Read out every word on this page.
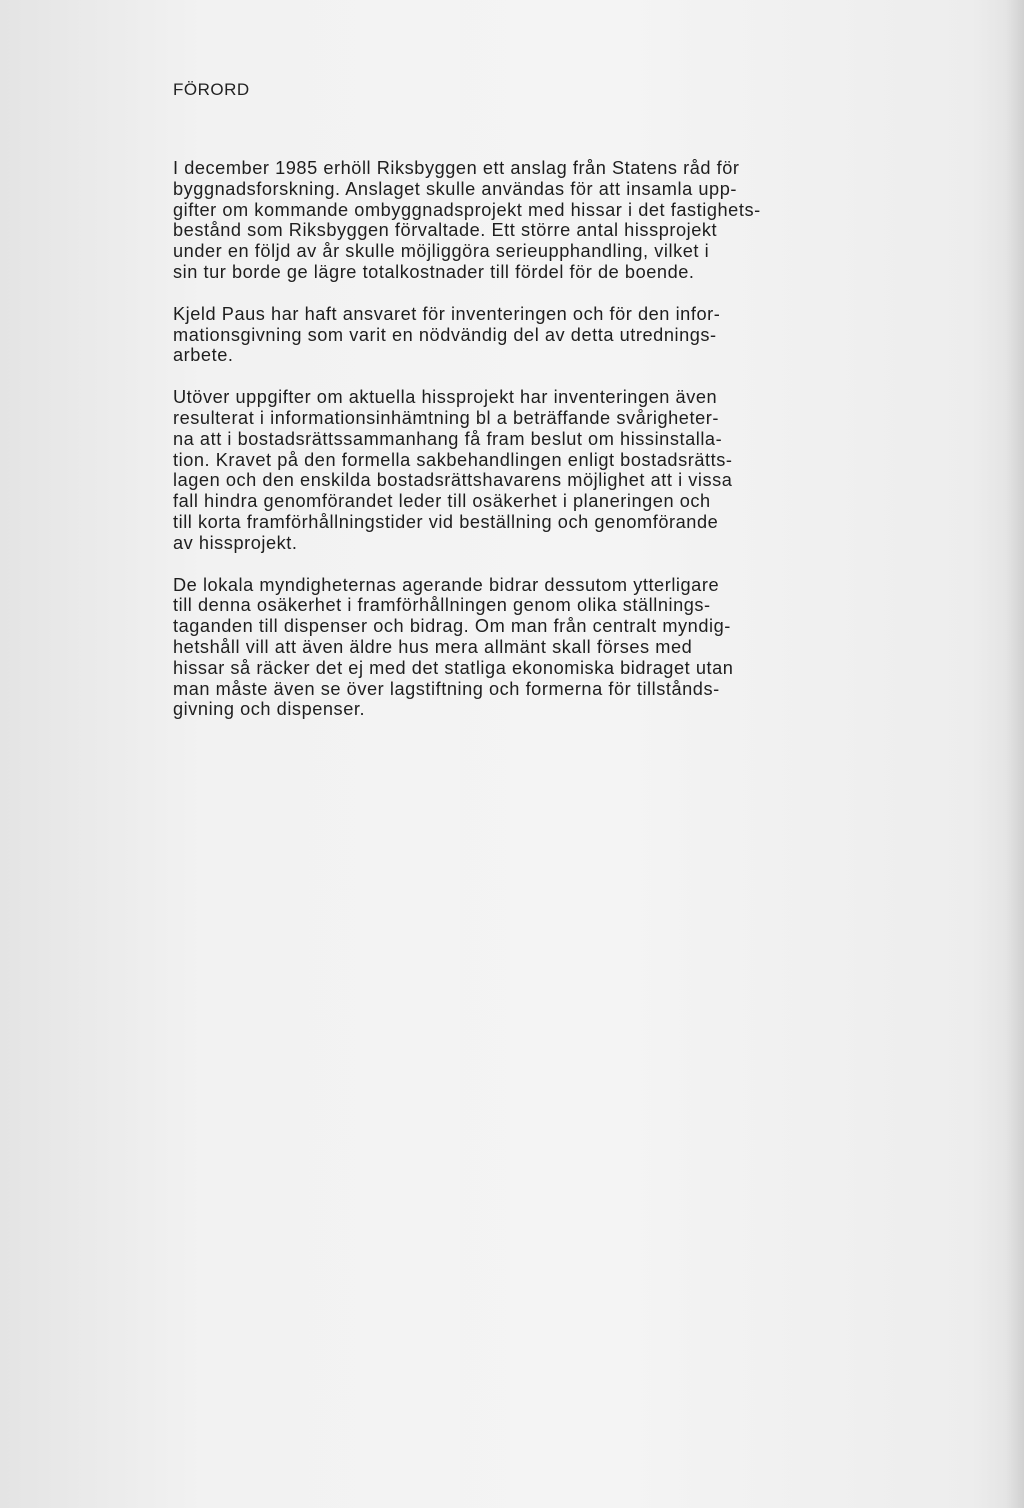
FÖRORD

I december 1985 erhöll Riksbyggen ett anslag från Statens råd för
byggnadsforskning. Anslaget skulle användas för att insamla upp-
gifter om kommande ombyggnadsprojekt med hissar i det fastighets-
bestånd som Riksbyggen förvaltade. Ett större antal hissprojekt
under en följd av år skulle möjliggöra serieupphandling, vilket i
sin tur borde ge lägre totalkostnader till fördel för de boende.

Kjeld Paus har haft ansvaret för inventeringen och för den infor-
mationsgivning som varit en nödvändig del av detta utrednings-
arbete.

Utöver uppgifter om aktuella hissprojekt har inventeringen även
resulterat i informationsinhämtning bl a beträffande svårigheter-
na att i bostadsrättssammanhang få fram beslut om hissinstalla-
tion. Kravet på den formella sakbehandlingen enligt bostadsrätts-
lagen och den enskilda bostadsrättshavarens möjlighet att i vissa
fall hindra genomförandet leder till osäkerhet i planeringen och
till korta framförhållningstider vid beställning och genomförande
av hissprojekt.

De lokala myndigheternas agerande bidrar dessutom ytterligare
till denna osäkerhet i framförhållningen genom olika ställnings-
taganden till dispenser och bidrag. Om man från centralt myndig-
hetshåll vill att även äldre hus mera allmänt skall förses med
hissar så räcker det ej med det statliga ekonomiska bidraget utan
man måste även se över lagstiftning och formerna för tillstånds-
givning och dispenser.
